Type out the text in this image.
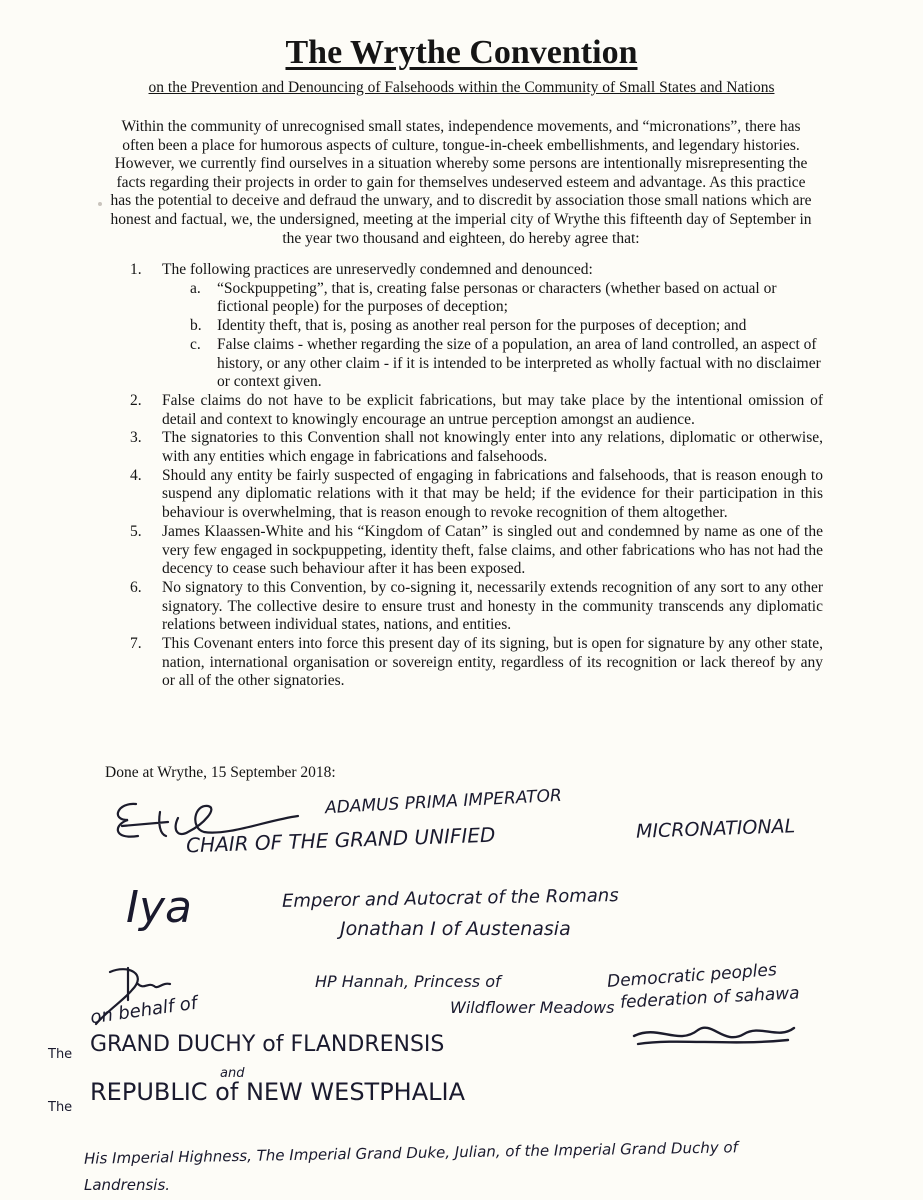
The Wrythe Convention

on the Prevention and Denouncing of Falsehoods within the Community of Small States and Nations

Within the community of unrecognised small states, independence movements, and “micronations”, there has often been a place for humorous aspects of culture, tongue-in-cheek embellishments, and legendary histories. However, we currently find ourselves in a situation whereby some persons are intentionally misrepresenting the facts regarding their projects in order to gain for themselves undeserved esteem and advantage. As this practice has the potential to deceive and defraud the unwary, and to discredit by association those small nations which are honest and factual, we, the undersigned, meeting at the imperial city of Wrythe this fifteenth day of September in the year two thousand and eighteen, do hereby agree that:

1. The following practices are unreservedly condemned and denounced:
a. “Sockpuppeting”, that is, creating false personas or characters (whether based on actual or fictional people) for the purposes of deception;
b. Identity theft, that is, posing as another real person for the purposes of deception; and
c. False claims - whether regarding the size of a population, an area of land controlled, an aspect of history, or any other claim - if it is intended to be interpreted as wholly factual with no disclaimer or context given.
2. False claims do not have to be explicit fabrications, but may take place by the intentional omission of detail and context to knowingly encourage an untrue perception amongst an audience.
3. The signatories to this Convention shall not knowingly enter into any relations, diplomatic or otherwise, with any entities which engage in fabrications and falsehoods.
4. Should any entity be fairly suspected of engaging in fabrications and falsehoods, that is reason enough to suspend any diplomatic relations with it that may be held; if the evidence for their participation in this behaviour is overwhelming, that is reason enough to revoke recognition of them altogether.
5. James Klaassen-White and his “Kingdom of Catan” is singled out and condemned by name as one of the very few engaged in sockpuppeting, identity theft, false claims, and other fabrications who has not had the decency to cease such behaviour after it has been exposed.
6. No signatory to this Convention, by co-signing it, necessarily extends recognition of any sort to any other signatory. The collective desire to ensure trust and honesty in the community transcends any diplomatic relations between individual states, nations, and entities.
7. This Covenant enters into force this present day of its signing, but is open for signature by any other state, nation, international organisation or sovereign entity, regardless of its recognition or lack thereof by any or all of the other signatories.

Done at Wrythe, 15 September 2018:

ADAMUS PRIMA IMPERATOR
CHAIR OF THE GRAND UNIFIED	MICRONATIONAL
Iya	Emperor and Autocrat of the Romans
Jonathan I of Austenasia
on behalf of
HP Hannah, Princess of
Wildflower Meadows
Democratic peoples
federation of sahawa
The GRAND DUCHY of FLANDRENSIS
and
The
REPUBLIC of NEW WESTPHALIA
His Imperial Highness, The Imperial Grand Duke, Julian, of the Imperial Grand Duchy of
Landrensis.
